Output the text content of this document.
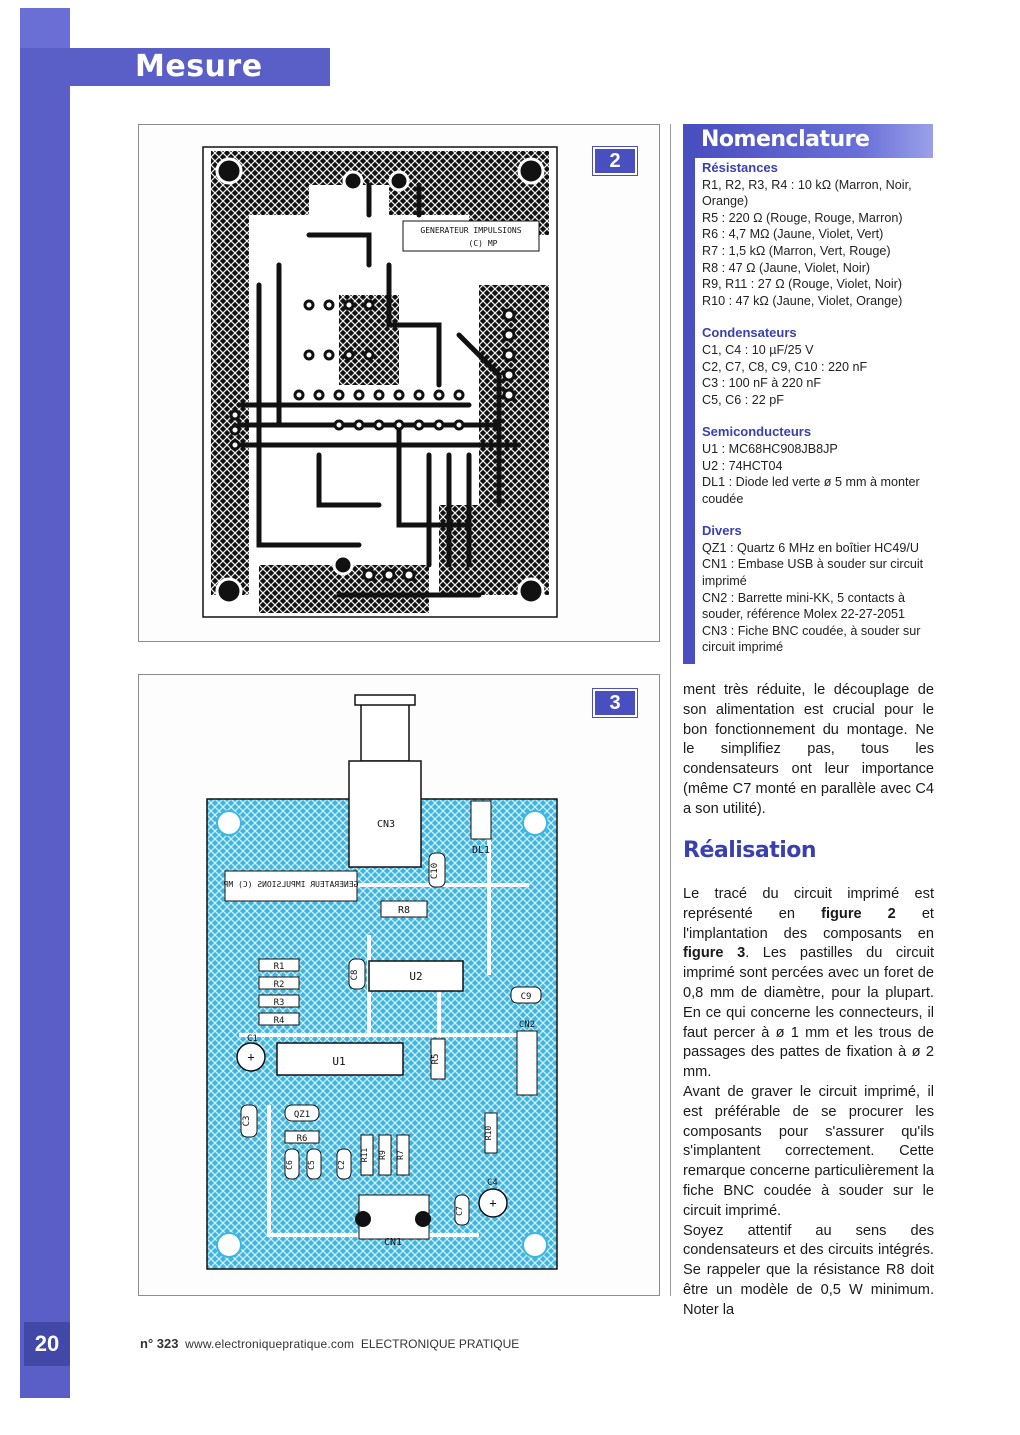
Mesure
GENERATEUR IMPULSIONS
(C) MP
2
CN3
DL1
GENERATEUR IMPULSIONS (C) MP
C10
R8
U2
C8
C9
R1
R2
R3
R4
C1
+	U1	R5
CN2
C3
QZ1
R6
C6 C5	C2
R11 R9 R7
R10
C4
+
C7
CN1
3
Nomenclature
Résistances
R1, R2, R3, R4 : 10 kΩ (Marron, Noir, Orange)
R5 : 220 Ω (Rouge, Rouge, Marron)
R6 : 4,7 MΩ (Jaune, Violet, Vert)
R7 : 1,5 kΩ (Marron, Vert, Rouge)
R8 : 47 Ω (Jaune, Violet, Noir)
R9, R11 : 27 Ω (Rouge, Violet, Noir)
R10 : 47 kΩ (Jaune, Violet, Orange)
Condensateurs
C1, C4 : 10 µF/25 V
C2, C7, C8, C9, C10 : 220 nF
C3 : 100 nF à 220 nF
C5, C6 : 22 pF
Semiconducteurs
U1 : MC68HC908JB8JP
U2 : 74HCT04
DL1 : Diode led verte ø 5 mm à monter coudée
Divers
QZ1 : Quartz 6 MHz en boîtier HC49/U
CN1 : Embase USB à souder sur circuit imprimé
CN2 : Barrette mini-KK, 5 contacts à souder, référence Molex 22-27-2051
CN3 : Fiche BNC coudée, à souder sur circuit imprimé

ment très réduite, le découplage de son alimentation est crucial pour le bon fonctionnement du montage. Ne le simplifiez pas, tous les condensateurs ont leur importance (même C7 monté en parallèle avec C4 a son utilité).

Réalisation

Le tracé du circuit imprimé est représenté en figure 2 et l'implantation des composants en figure 3. Les pastilles du circuit imprimé sont percées avec un foret de 0,8 mm de diamètre, pour la plupart. En ce qui concerne les connecteurs, il faut percer à ø 1 mm et les trous de passages des pattes de fixation à ø 2 mm.

Avant de graver le circuit imprimé, il est préférable de se procurer les composants pour s'assurer qu'ils s'implantent correctement. Cette remarque concerne particulièrement la fiche BNC coudée à souder sur le circuit imprimé.

Soyez attentif au sens des condensateurs et des circuits intégrés. Se rappeler que la résistance R8 doit être un modèle de 0,5 W minimum. Noter la

20	n° 323 www.electroniquepratique.com ELECTRONIQUE PRATIQUE
